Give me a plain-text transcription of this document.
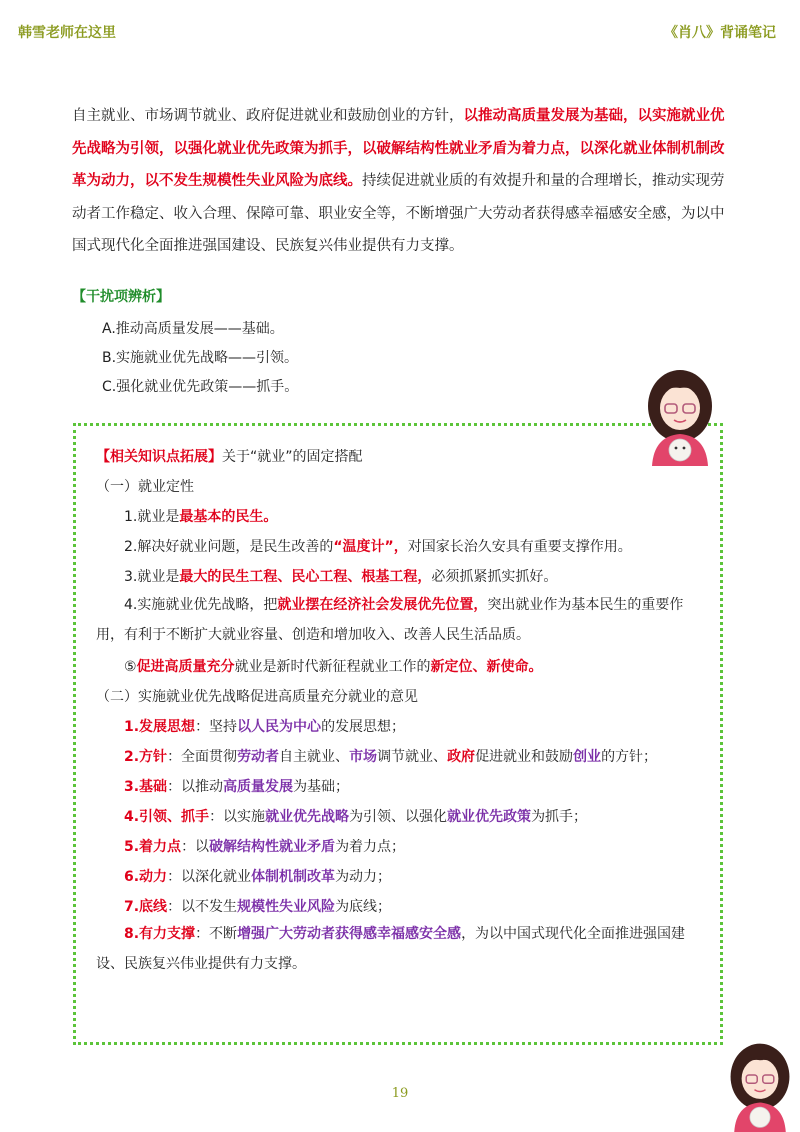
韩雪老师在这里	《肖八》背诵笔记
自主就业、市场调节就业、政府促进就业和鼓励创业的方针，以推动高质量发展为基础，以实施就业优先战略为引领，以强化就业优先政策为抓手，以破解结构性就业矛盾为着力点，以深化就业体制机制改革为动力，以不发生规模性失业风险为底线。持续促进就业质的有效提升和量的合理增长，推动实现劳动者工作稳定、收入合理、保障可靠、职业安全等，不断增强广大劳动者获得感幸福感安全感，为以中国式现代化全面推进强国建设、民族复兴伟业提供有力支撑。
【干扰项辨析】
A.推动高质量发展——基础。
B.实施就业优先战略——引领。
C.强化就业优先政策——抓手。
【相关知识点拓展】关于“就业”的固定搭配
（一）就业定性
1.就业是最基本的民生。
2.解决好就业问题，是民生改善的“温度计”，对国家长治久安具有重要支撑作用。
3.就业是最大的民生工程、民心工程、根基工程，必须抓紧抓实抓好。
4.实施就业优先战略，把就业摆在经济社会发展优先位置，突出就业作为基本民生的重要作用，有利于不断扩大就业容量、创造和增加收入、改善人民生活品质。
⑤促进高质量充分就业是新时代新征程就业工作的新定位、新使命。
（二）实施就业优先战略促进高质量充分就业的意见
1.发展思想：坚持以人民为中心的发展思想；
2.方针：全面贯彻劳动者自主就业、市场调节就业、政府促进就业和鼓励创业的方针；
3.基础：以推动高质量发展为基础；
4.引领、抓手：以实施就业优先战略为引领、以强化就业优先政策为抓手；
5.着力点：以破解结构性就业矛盾为着力点；
6.动力：以深化就业体制机制改革为动力；
7.底线：以不发生规模性失业风险为底线；
8.有力支撑：不断增强广大劳动者获得感幸福感安全感，为以中国式现代化全面推进强国建设、民族复兴伟业提供有力支撑。
19
